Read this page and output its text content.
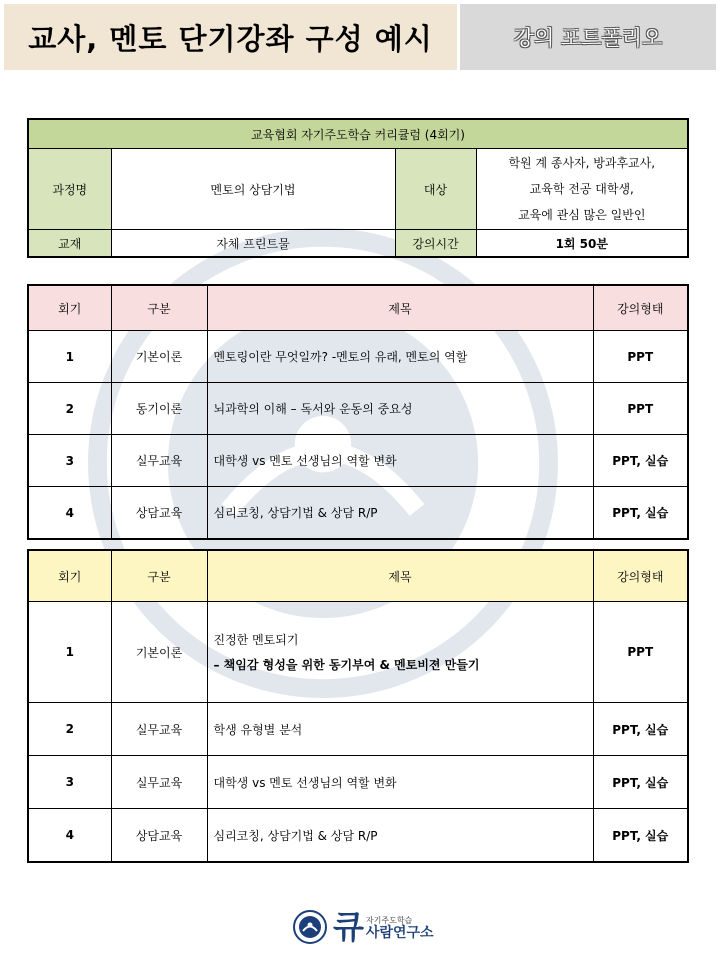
교사, 멘토 단기강좌 구성 예시	강의 포트폴리오
교육협회 자기주도학습 커리큘럼 (4회기)			
과정명	멘토의 상담기법	대상	학원 계 종사자, 방과후교사,
교육학 전공 대학생,
교육에 관심 많은 일반인

교재	자체 프린트물	강의시간	1회 50분
회기	구분	제목	강의형태
1	기본이론	멘토링이란 무엇일까? -멘토의 유래, 멘토의 역할	PPT
2	동기이론	뇌과학의 이해 – 독서와 운동의 중요성	PPT
3	실무교육	대학생 vs 멘토 선생님의 역할 변화	PPT, 실습
4	상담교육	심리코칭, 상담기법 & 상담 R/P	PPT, 실습
회기	구분	제목	강의형태
1	기본이론	진정한 멘토되기
– 책임감 형성을 위한 동기부여 & 멘토비젼 만들기	PPT
2	실무교육	학생 유형별 분석	PPT, 실습
3	실무교육	대학생 vs 멘토 선생님의 역할 변화	PPT, 실습
4	상담교육	심리코칭, 상담기법 & 상담 R/P	PPT, 실습
큐 자기주도학습
사람연구소
